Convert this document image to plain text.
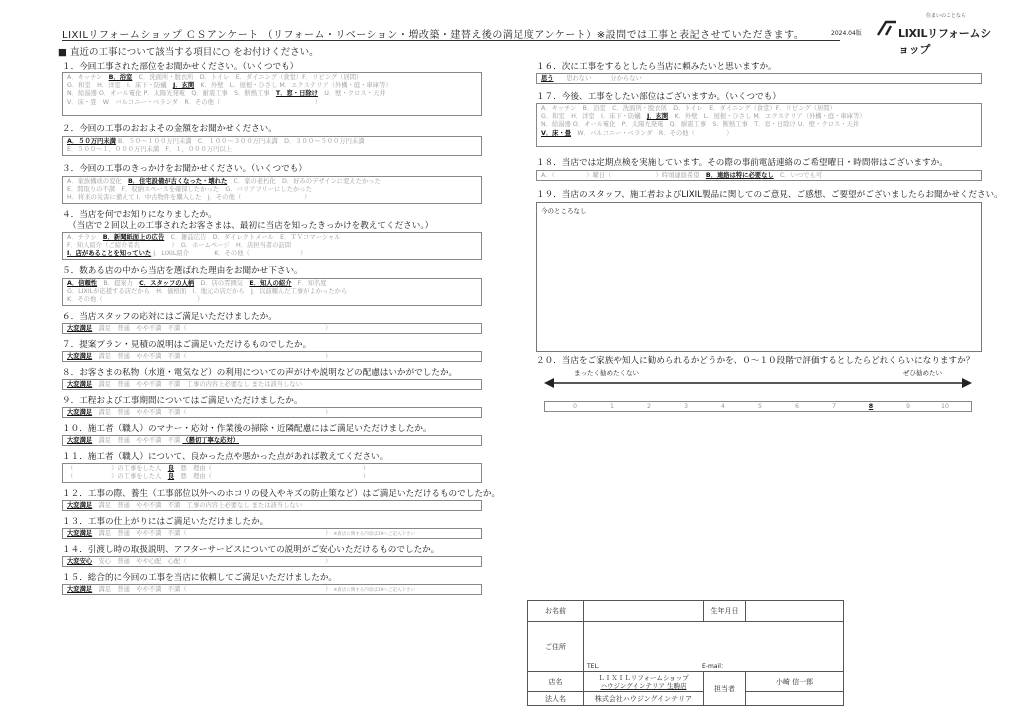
LIXILリフォームショップ ＣＳアンケート （リフォーム・リベーション・増改築・建替え後の満足度アンケート）※設問では工事と表記させていただきます。	2024.04版
住まいのことなら
LIXILリフォームショップ
■ 直近の工事について該当する項目に○ をお付けください。
１．今回工事された部位をお聞かせください。（いくつでも）
A．キッチン　 B．浴室　 C．洗面所・脱衣所　D．トイレ　E．ダイニング（食堂）F．リビング（居間）
G．和室　H．洋室　I．床下・防蟻　 J．玄関　 K．外壁　L．屋根・ひさし M．エクステリア（外構・庭・車庫等）
N．給湯器 O．オール電化 P．太陽光発電　Q．耐震工事　S．断熱工事　 T．窓・日除け　 U．壁・クロス・天井
V．床・畳　W．バルコニー・ベランダ　R．その他（　　　　　　　　　　　　　　　）
２．今回の工事のおおよその金額をお聞かせください。
A．５０万円未満 B．５０～１００万円未満　C．１００～３００万円未満　D．３００～５００万円未満
E．５００～１，０００万円未満　F．１，０００万円以上
３．今回の工事のきっかけをお聞かせください。（いくつでも）
A．家族構成の変化　 B．住宅設備が古くなった・壊れた　 C．家の老朽化　D．好みのデザインに変えたかった
E．間取りの不満　F．収納スペースを確保したかった　G．バリアフリーにしたかった
H．将来の災害に備えて I．中古物件を購入した　J．その他（　　　　　　　　　　）
４．当店を何でお知りになりましたか。
（当店で２回以上の工事されたお客さまは、最初に当店を知ったきっかけを教えてください。）
A．チラシ　 B．新聞紙面上の広告　 C．雑誌広告　D．ダイレクトメール　E．ＴＶコマーシャル
F．知人紹介（ご紹介者名　　　　　）　G．ホームページ　H．店担当者の訪問
I．店があることを知っていた J．LIXIL紹介　　　　K．その他（　　　　　　　　）
５．数ある店の中から当店を選ばれた理由をお聞かせ下さい。
A．信頼性　 B．提案力　 C．スタッフの人柄　 D．店の雰囲気　 E．知人の紹介　 F．知名度
G．LIXILが応援する店だから　H．価格面　I．地元の店だから　J．以前頼んだ工事がよかったから
K．その他（　　　　　　　　　　　　　　　）
６．当店スタッフの応対にはご満足いただけましたか。
大変満足　満足　普通　やや不満　不満（　　　　　　　　　　　　　　　　　　　　　　）
７．提案プラン・見積の説明はご満足いただけるものでしたか。
大変満足　満足　普通　やや不満　不満（　　　　　　　　　　　　　　　　　　　　　　）
８．お客さまの私物（水道・電気など）の利用についての声がけや説明などの配慮はいかがでしたか。
大変満足　満足　普通　やや不満　不満　工事の内容上必要なし または該当しない
９．工程および工事期間についてはご満足いただけましたか。
大変満足　満足　普通　やや不満　不満（　　　　　　　　　　　　　　　　　　　　　　）
１０．施工者（職人）のマナー・応対・作業後の掃除・近隣配慮にはご満足いただけましたか。
大変満足　満足　普通　やや不満　不満 （懇切丁寧な応対）
１１．施工者（職人）について、良かった点や悪かった点があれば教えてください。
（　　　　　　）の工事をした人　 良　 悪　理由（　　　　　　　　　　　　　　　　　　　　　　　　）
（　　　　　　）の工事をした人　 良　 悪　理由（　　　　　　　　　　　　　　　　　　　　　　　　）
１２．工事の際、養生（工事部位以外へのホコリの侵入やキズの防止策など）はご満足いただけるものでしたか。
大変満足　満足　普通　やや不満　不満　工事の内容上必要なし または該当しない
１３．工事の仕上がりにはご満足いただけましたか。
大変満足　満足　普通　やや不満　不満（　　　　　　　　　　　　　　　　　　　　　　） ※貴店に関する内容は19へご記入下さい
１４．引渡し時の取扱説明、アフターサービスについての説明がご安心いただけるものでしたか。
大変安心　安心　普通　やや心配　心配（　　　　　　　　　　　　　　　　　　　　　　）
１５．総合的に今回の工事を当店に依頼してご満足いただけましたか。
大変満足　満足　普通　やや不満　不満（　　　　　　　　　　　　　　　　　　　　　　） ※貴店に関する内容は19へご記入下さい
１６．次に工事をするとしたら当店に頼みたいと思いますか。
思う　　思わない　　　分からない
１７．今後、工事をしたい部位はございますか。（いくつでも）
A．キッチン　B．浴室　C．洗面所・脱衣所　D．トイレ　E．ダイニング（食堂）F．リビング（居間）
G．和室　H．洋室　I．床下・防蟻　 J．玄関　 K．外壁　L．屋根・ひさし M．エクステリア（外構・庭・車庫等）
N．給湯器 O．オール電化　P．太陽光発電　Q．耐震工事　S．断熱工事　T．窓・日除け U．壁・クロス・天井
V．床・畳　 W．バルコニー・ベランダ　R．その他（　　　　　）
１８．当店では定期点検を実施しています。その際の事前電話連絡のご希望曜日・時間帯はございますか。
A．（　　　　　）曜日（　　　　　　　）時頃連絡希望　 B．連絡は特に必要なし　 C．いつでも可
１９．当店のスタッフ、施工者およびLIXIL製品に関してのご意見、ご感想、ご要望がございましたらお聞かせください。
今のところなし
２０．当店をご家族や知人に勧められるかどうかを、０～１０段階で評価するとしたらどれくらいになりますか？
まったく勧めたくない	ぜひ勧めたい
0	1	2	3	4	5	6	7	8	9	10
お名前		生年月日	
ご住所	TEL． E-mail：		
店名	ＬＩＸＩＬリフォームショップ
ハウジングインテリア 生駒店	担当者	小崎 信一郎
法人名	株式会社ハウジングインテリア		
